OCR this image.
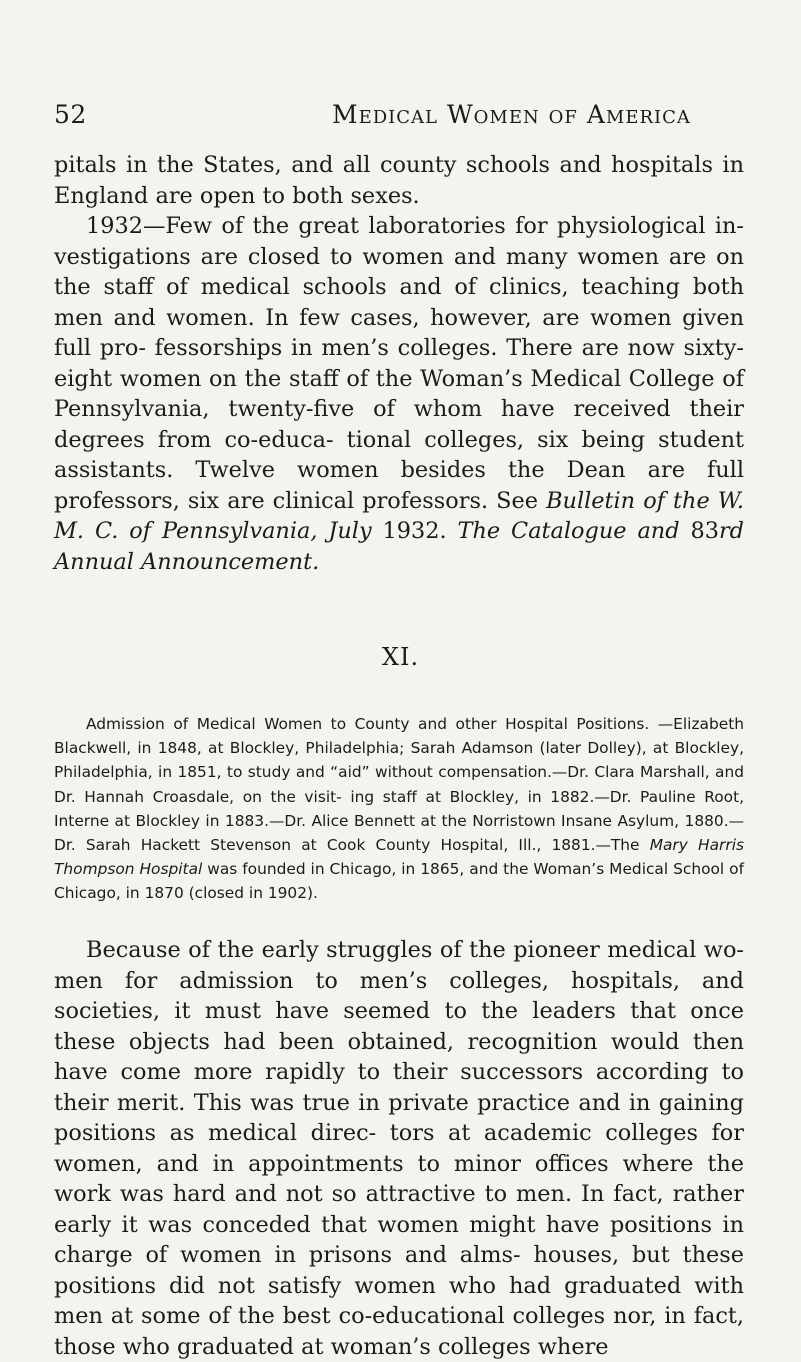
52	Medical Women of America

pitals in the States, and all county schools and hospitals in England are open to both sexes.

1932—Few of the great laboratories for physiological in- vestigations are closed to women and many women are on the staff of medical schools and of clinics, teaching both men and women. In few cases, however, are women given full pro- fessorships in men’s colleges. There are now sixty-eight women on the staff of the Woman’s Medical College of Pennsylvania, twenty-five of whom have received their degrees from co-educa- tional colleges, six being student assistants. Twelve women besides the Dean are full professors, six are clinical professors. See Bulletin of the W. M. C. of Pennsylvania, July 1932. The Catalogue and 83rd Annual Announcement.

XI.

Admission of Medical Women to County and other Hospital Positions. —Elizabeth Blackwell, in 1848, at Blockley, Philadelphia; Sarah Adamson (later Dolley), at Blockley, Philadelphia, in 1851, to study and “aid” without compensation.—Dr. Clara Marshall, and Dr. Hannah Croasdale, on the visit- ing staff at Blockley, in 1882.—Dr. Pauline Root, Interne at Blockley in 1883.—Dr. Alice Bennett at the Norristown Insane Asylum, 1880.—Dr. Sarah Hackett Stevenson at Cook County Hospital, Ill., 1881.—The Mary Harris Thompson Hospital was founded in Chicago, in 1865, and the Woman’s Medical School of Chicago, in 1870 (closed in 1902).

Because of the early struggles of the pioneer medical wo- men for admission to men’s colleges, hospitals, and societies, it must have seemed to the leaders that once these objects had been obtained, recognition would then have come more rapidly to their successors according to their merit. This was true in private practice and in gaining positions as medical direc- tors at academic colleges for women, and in appointments to minor offices where the work was hard and not so attractive to men. In fact, rather early it was conceded that women might have positions in charge of women in prisons and alms- houses, but these positions did not satisfy women who had graduated with men at some of the best co-educational colleges nor, in fact, those who graduated at woman’s colleges where
